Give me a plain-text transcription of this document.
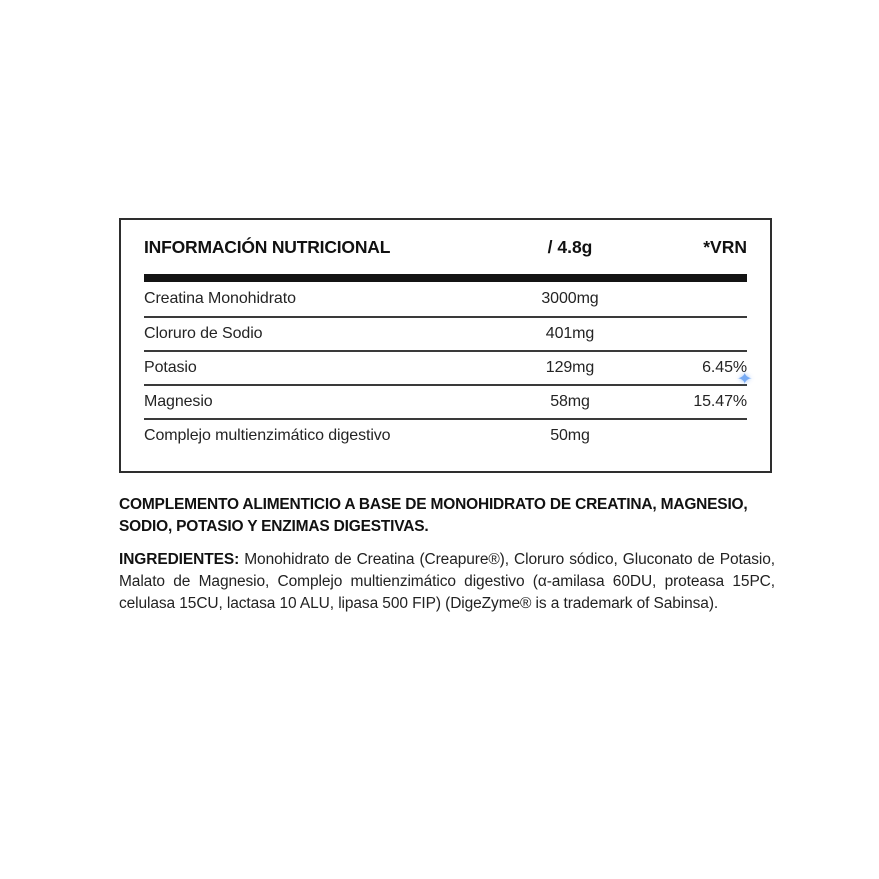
INFORMACIÓN NUTRICIONAL	/ 4.8g	*VRN
Creatina Monohidrato	3000mg
Cloruro de Sodio	401mg
Potasio	129mg	6.45%
Magnesio	58mg	15.47%
Complejo multienzimático digestivo	50mg
✦

COMPLEMENTO ALIMENTICIO A BASE DE MONOHIDRATO DE CREATINA, MAGNESIO, SODIO, POTASIO Y ENZIMAS DIGESTIVAS.

INGREDIENTES: Monohidrato de Creatina (Creapure®), Cloruro sódico, Gluconato de Potasio, Malato de Magnesio, Complejo multienzimático digestivo (α-amilasa 60DU, proteasa 15PC, celulasa 15CU, lactasa 10 ALU, lipasa 500 FIP) (DigeZyme® is a trademark of Sabinsa).
